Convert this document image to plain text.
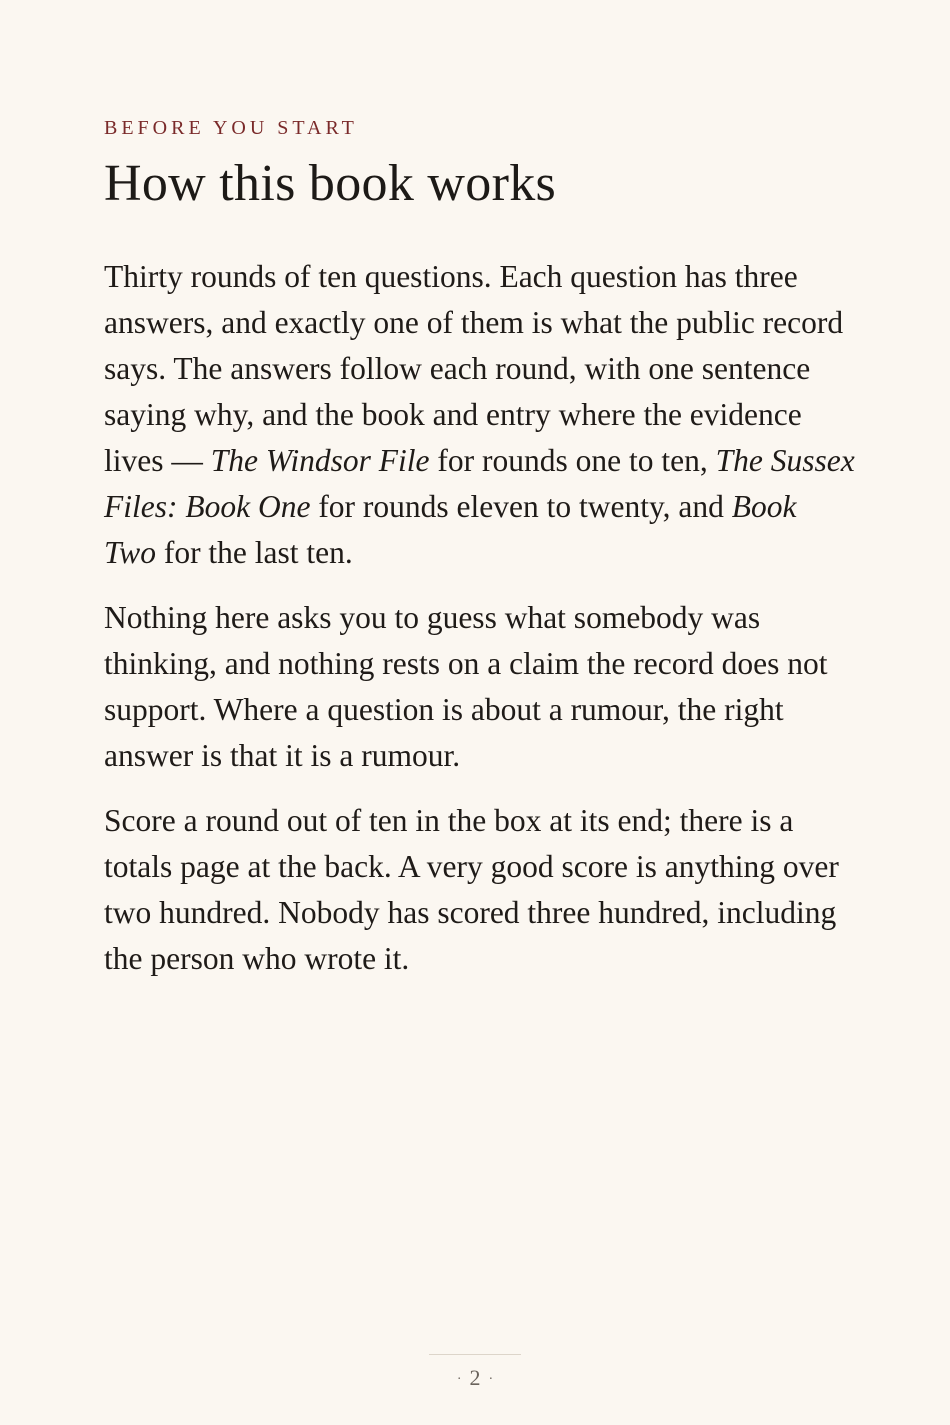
BEFORE YOU START

How this book works

Thirty rounds of ten questions. Each question has three answers, and exactly one of them is what the public record says. The answers follow each round, with one sentence saying why, and the book and entry where the evidence lives — The Windsor File for rounds one to ten, The Sussex Files: Book One for rounds eleven to twenty, and Book Two for the last ten.

Nothing here asks you to guess what somebody was thinking, and nothing rests on a claim the record does not support. Where a question is about a rumour, the right answer is that it is a rumour.

Score a round out of ten in the box at its end; there is a totals page at the back. A very good score is anything over two hundred. Nobody has scored three hundred, including the person who wrote it.

· 2 ·
